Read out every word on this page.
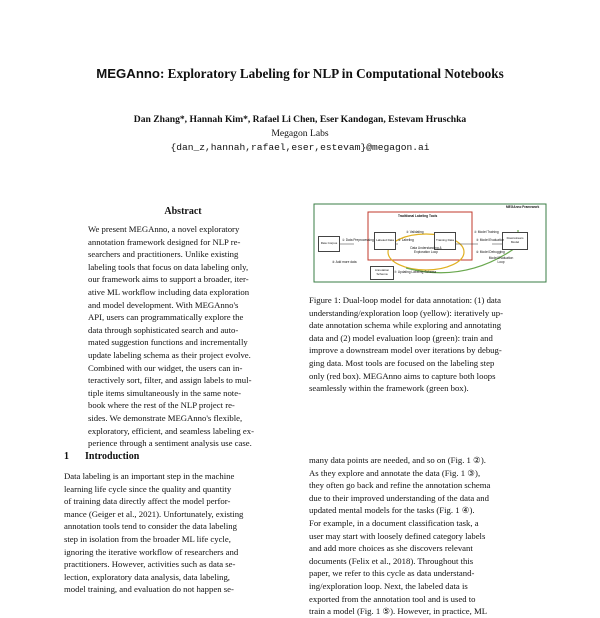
MEGAnno: Exploratory Labeling for NLP in Computational Notebooks
Dan Zhang*, Hannah Kim*, Rafael Li Chen, Eser Kandogan, Estevam Hruschka
Megagon Labs
{dan_z,hannah,rafael,eser,estevam}@megagon.ai
Abstract
We present MEGAnno, a novel exploratory
annotation framework designed for NLP re-
searchers and practitioners. Unlike existing
labeling tools that focus on data labeling only,
our framework aims to support a broader, iter-
ative ML workflow including data exploration
and model development. With MEGAnno's
API, users can programmatically explore the
data through sophisticated search and auto-
mated suggestion functions and incrementally
update labeling schema as their project evolve.
Combined with our widget, the users can in-
teractively sort, filter, and assign labels to mul-
tiple items simultaneously in the same note-
book where the rest of the NLP project re-
sides. We demonstrate MEGAnno's flexible,
exploratory, efficient, and seamless labeling ex-
perience through a sentiment analysis use case.
1 Introduction
Data labeling is an important step in the machine
learning life cycle since the quality and quantity
of training data directly affect the model perfor-
mance (Geiger et al., 2021). Unfortunately, existing
annotation tools tend to consider the data labeling
step in isolation from the broader ML life cycle,
ignoring the iterative workflow of researchers and
practitioners. However, activities such as data se-
lection, exploratory data analysis, data labeling,
model training, and evaluation do not happen se-
MEGAnno Framework
Traditional Labeling Tools
Raw Corpus
Labeled Data	Training Data	Downstream Model
Annotation Schema
Data Understanding & Exploration Loop
Model Evaluation Loop
① Data Preprocessing	② Labeling
③ Validating	④ Model Training
⑤ Model Evaluation
⑥ Model Debugging
⑦ Updating Labeling Schema
⑧ Add more data
Figure 1: Dual-loop model for data annotation: (1) data
understanding/exploration loop (yellow): iteratively up-
date annotation schema while exploring and annotating
data and (2) model evaluation loop (green): train and
improve a downstream model over iterations by debug-
ging data. Most tools are focused on the labeling step
only (red box). MEGAnno aims to capture both loops
seamlessly within the framework (green box).
many data points are needed, and so on (Fig. 1 ②).
As they explore and annotate the data (Fig. 1 ③),
they often go back and refine the annotation schema
due to their improved understanding of the data and
updated mental models for the tasks (Fig. 1 ④).
For example, in a document classification task, a
user may start with loosely defined category labels
and add more choices as she discovers relevant
documents (Felix et al., 2018). Throughout this
paper, we refer to this cycle as data understand-
ing/exploration loop. Next, the labeled data is
exported from the annotation tool and is used to
train a model (Fig. 1 ⑤). However, in practice, ML
